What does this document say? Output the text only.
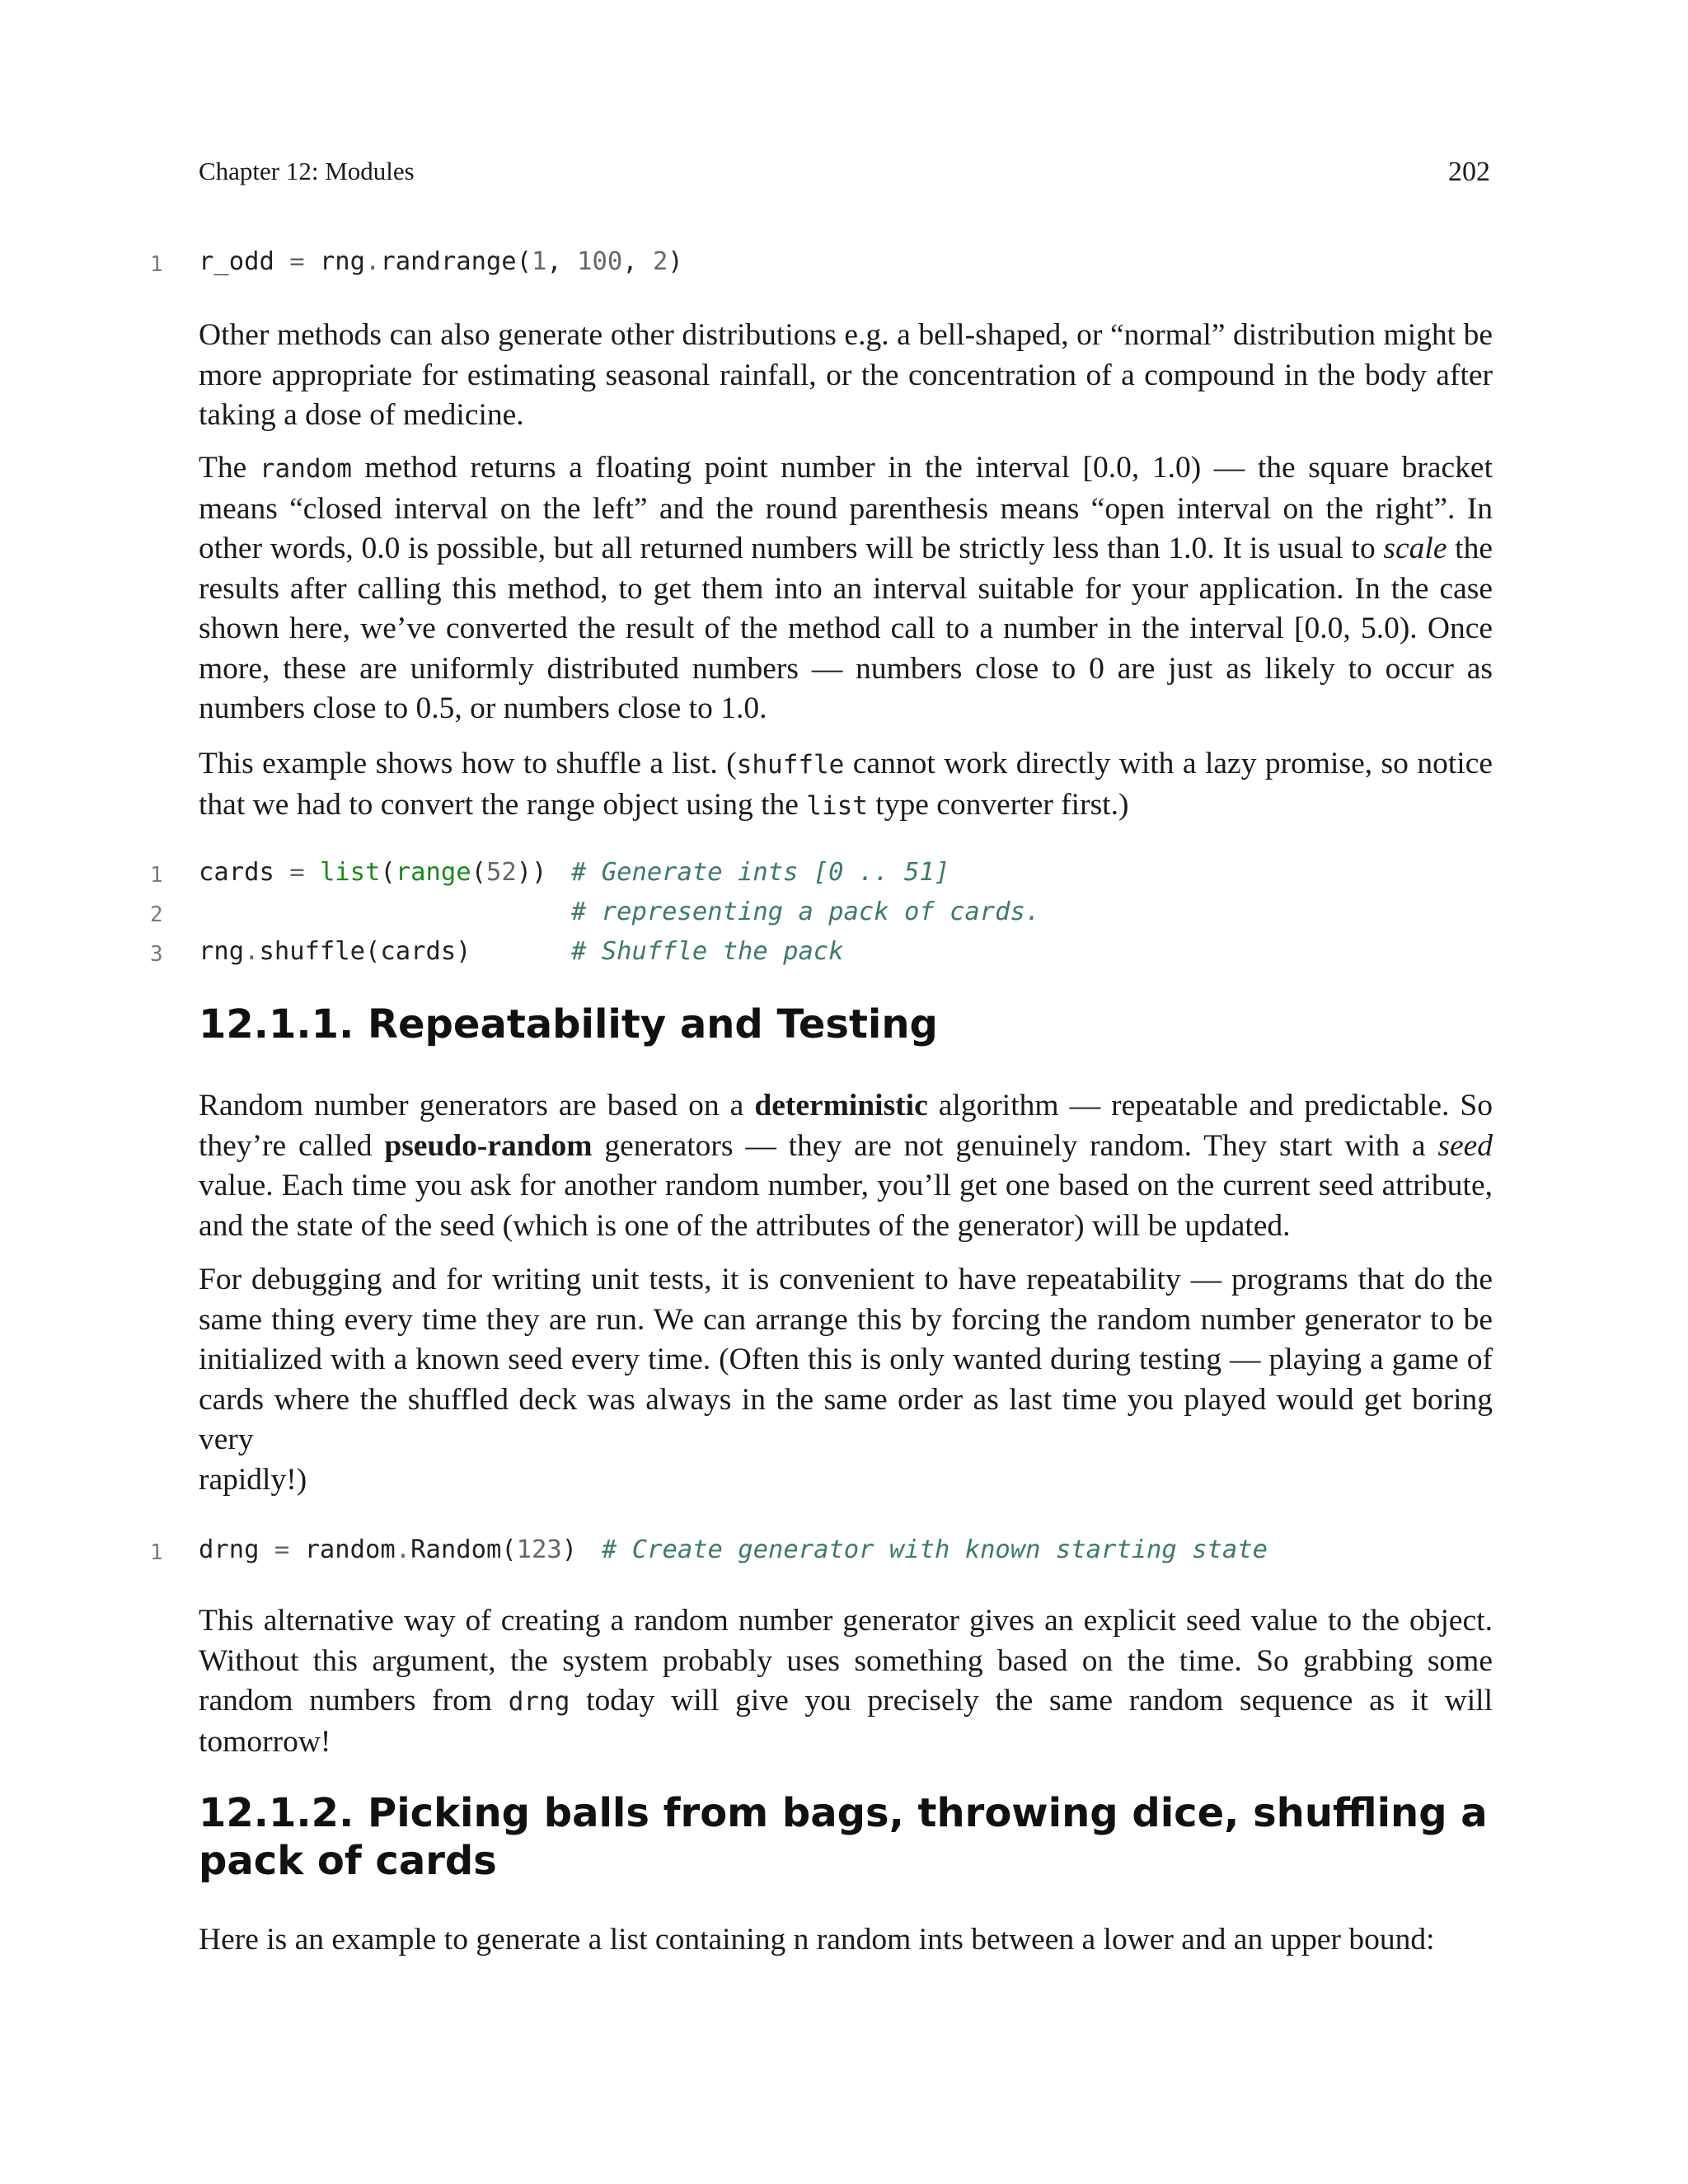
Chapter 12: Modules	202
1 r_odd = rng.randrange(1, 100, 2)

Other methods can also generate other distributions e.g. a bell-shaped, or “normal” distribution might be more appropriate for estimating seasonal rainfall, or the concentration of a compound in the body after taking a dose of medicine.

The random method returns a floating point number in the interval [0.0, 1.0) — the square bracket means “closed interval on the left” and the round parenthesis means “open interval on the right”. In other words, 0.0 is possible, but all returned numbers will be strictly less than 1.0. It is usual to scale the results after calling this method, to get them into an interval suitable for your application. In the case shown here, we’ve converted the result of the method call to a number in the interval [0.0, 5.0). Once more, these are uniformly distributed numbers — numbers close to 0 are just as likely to occur as numbers close to 0.5, or numbers close to 1.0.

This example shows how to shuffle a list. (shuffle cannot work directly with a lazy promise, so notice that we had to convert the range object using the list type converter first.)

1
2
3
cards = list(range(52)) # Generate ints [0 .. 51]
# representing a pack of cards.
rng.shuffle(cards)	# Shuffle the pack
12.1.1. Repeatability and Testing

Random number generators are based on a deterministic algorithm — repeatable and predictable. So they’re called pseudo-random generators — they are not genuinely random. They start with a seed value. Each time you ask for another random number, you’ll get one based on the current seed attribute, and the state of the seed (which is one of the attributes of the generator) will be updated.

For debugging and for writing unit tests, it is convenient to have repeatability — programs that do the same thing every time they are run. We can arrange this by forcing the random number generator to be initialized with a known seed every time. (Often this is only wanted during testing — playing a game of cards where the shuffled deck was always in the same order as last time you played would get boring very
rapidly!)

1 drng = random.Random(123) # Create generator with known starting state

This alternative way of creating a random number generator gives an explicit seed value to the object. Without this argument, the system probably uses something based on the time. So grabbing some random numbers from drng today will give you precisely the same random sequence as it will tomorrow!

12.1.2. Picking balls from bags, throwing dice, shuffling a pack of cards

Here is an example to generate a list containing n random ints between a lower and an upper bound:
